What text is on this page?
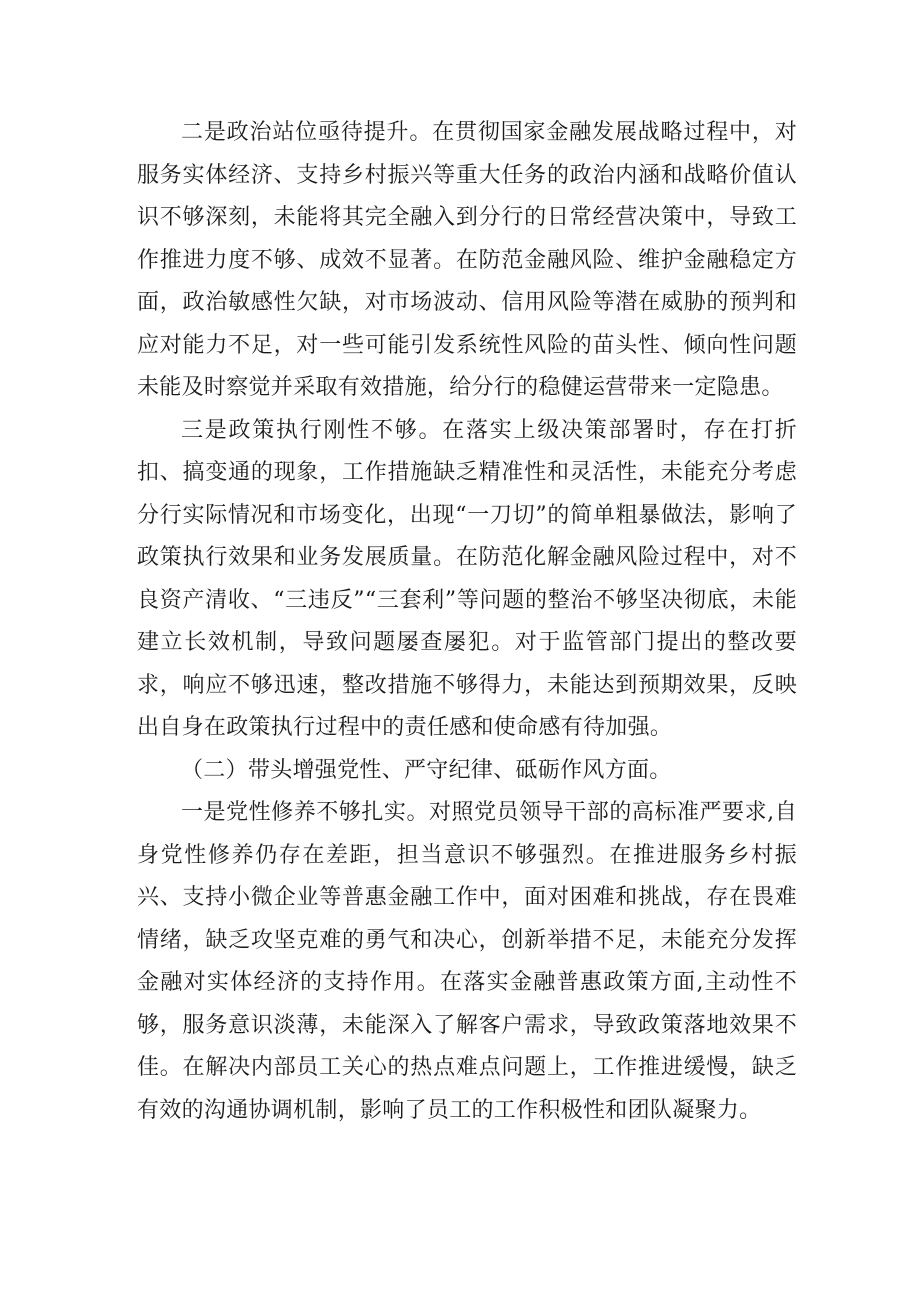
二是政治站位亟待提升。在贯彻国家金融发展战略过程中，对服务实体经济、支持乡村振兴等重大任务的政治内涵和战略价值认识不够深刻，未能将其完全融入到分行的日常经营决策中，导致工作推进力度不够、成效不显著。在防范金融风险、维护金融稳定方面，政治敏感性欠缺，对市场波动、信用风险等潜在威胁的预判和应对能力不足，对一些可能引发系统性风险的苗头性、倾向性问题未能及时察觉并采取有效措施，给分行的稳健运营带来一定隐患。

三是政策执行刚性不够。在落实上级决策部署时，存在打折扣、搞变通的现象，工作措施缺乏精准性和灵活性，未能充分考虑分行实际情况和市场变化，出现“一刀切”的简单粗暴做法，影响了政策执行效果和业务发展质量。在防范化解金融风险过程中，对不良资产清收、“三违反”“三套利”等问题的整治不够坚决彻底，未能建立长效机制，导致问题屡查屡犯。对于监管部门提出的整改要求，响应不够迅速，整改措施不够得力，未能达到预期效果，反映出自身在政策执行过程中的责任感和使命感有待加强。

（二）带头增强党性、严守纪律、砥砺作风方面。

一是党性修养不够扎实。对照党员领导干部的高标准严要求,自身党性修养仍存在差距，担当意识不够强烈。在推进服务乡村振兴、支持小微企业等普惠金融工作中，面对困难和挑战，存在畏难情绪，缺乏攻坚克难的勇气和决心，创新举措不足，未能充分发挥金融对实体经济的支持作用。在落实金融普惠政策方面,主动性不够，服务意识淡薄，未能深入了解客户需求，导致政策落地效果不佳。在解决内部员工关心的热点难点问题上，工作推进缓慢，缺乏有效的沟通协调机制，影响了员工的工作积极性和团队凝聚力。
